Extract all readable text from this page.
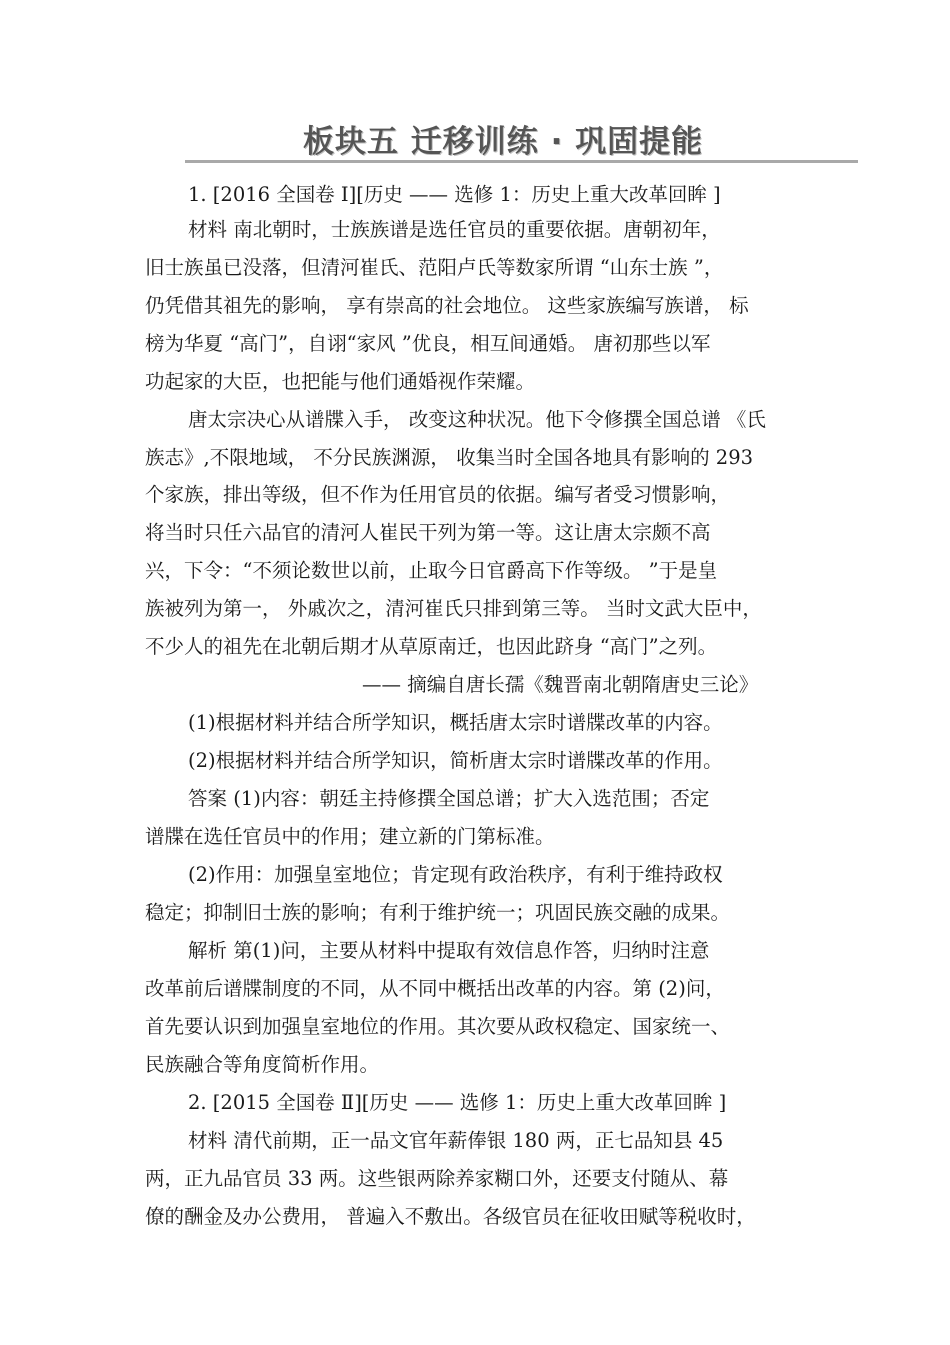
板块五 迁移训练 · 巩固提能
1. [2016 全国卷 Ⅰ][历史 —— 选修 1：历史上重大改革回眸 ]
材料 南北朝时，士族族谱是选任官员的重要依据。唐朝初年，
旧士族虽已没落，但清河崔氏、范阳卢氏等数家所谓 “山东士族 ”，
仍凭借其祖先的影响， 享有崇高的社会地位。 这些家族编写族谱， 标
榜为华夏 “高门”，自诩“家风 ”优良，相互间通婚。 唐初那些以军
功起家的大臣，也把能与他们通婚视作荣耀。
唐太宗决心从谱牒入手， 改变这种状况。他下令修撰全国总谱 《氏
族志》,不限地域， 不分民族渊源， 收集当时全国各地具有影响的 293
个家族，排出等级，但不作为任用官员的依据。编写者受习惯影响，
将当时只任六品官的清河人崔民干列为第一等。这让唐太宗颇不高
兴，下令：“不须论数世以前，止取今日官爵高下作等级。 ”于是皇
族被列为第一， 外戚次之，清河崔氏只排到第三等。 当时文武大臣中，
不少人的祖先在北朝后期才从草原南迁，也因此跻身 “高门”之列。
—— 摘编自唐长孺《魏晋南北朝隋唐史三论》
(1)根据材料并结合所学知识，概括唐太宗时谱牒改革的内容。
(2)根据材料并结合所学知识，简析唐太宗时谱牒改革的作用。
答案 (1)内容：朝廷主持修撰全国总谱；扩大入选范围；否定
谱牒在选任官员中的作用；建立新的门第标准。
(2)作用：加强皇室地位；肯定现有政治秩序，有利于维持政权
稳定；抑制旧士族的影响；有利于维护统一；巩固民族交融的成果。
解析 第(1)问，主要从材料中提取有效信息作答，归纳时注意
改革前后谱牒制度的不同，从不同中概括出改革的内容。第 (2)问，
首先要认识到加强皇室地位的作用。其次要从政权稳定、国家统一、
民族融合等角度简析作用。
2. [2015 全国卷 Ⅱ][历史 —— 选修 1：历史上重大改革回眸 ]
材料 清代前期，正一品文官年薪俸银 180 两，正七品知县 45
两，正九品官员 33 两。这些银两除养家糊口外，还要支付随从、幕
僚的酬金及办公费用， 普遍入不敷出。各级官员在征收田赋等税收时，
